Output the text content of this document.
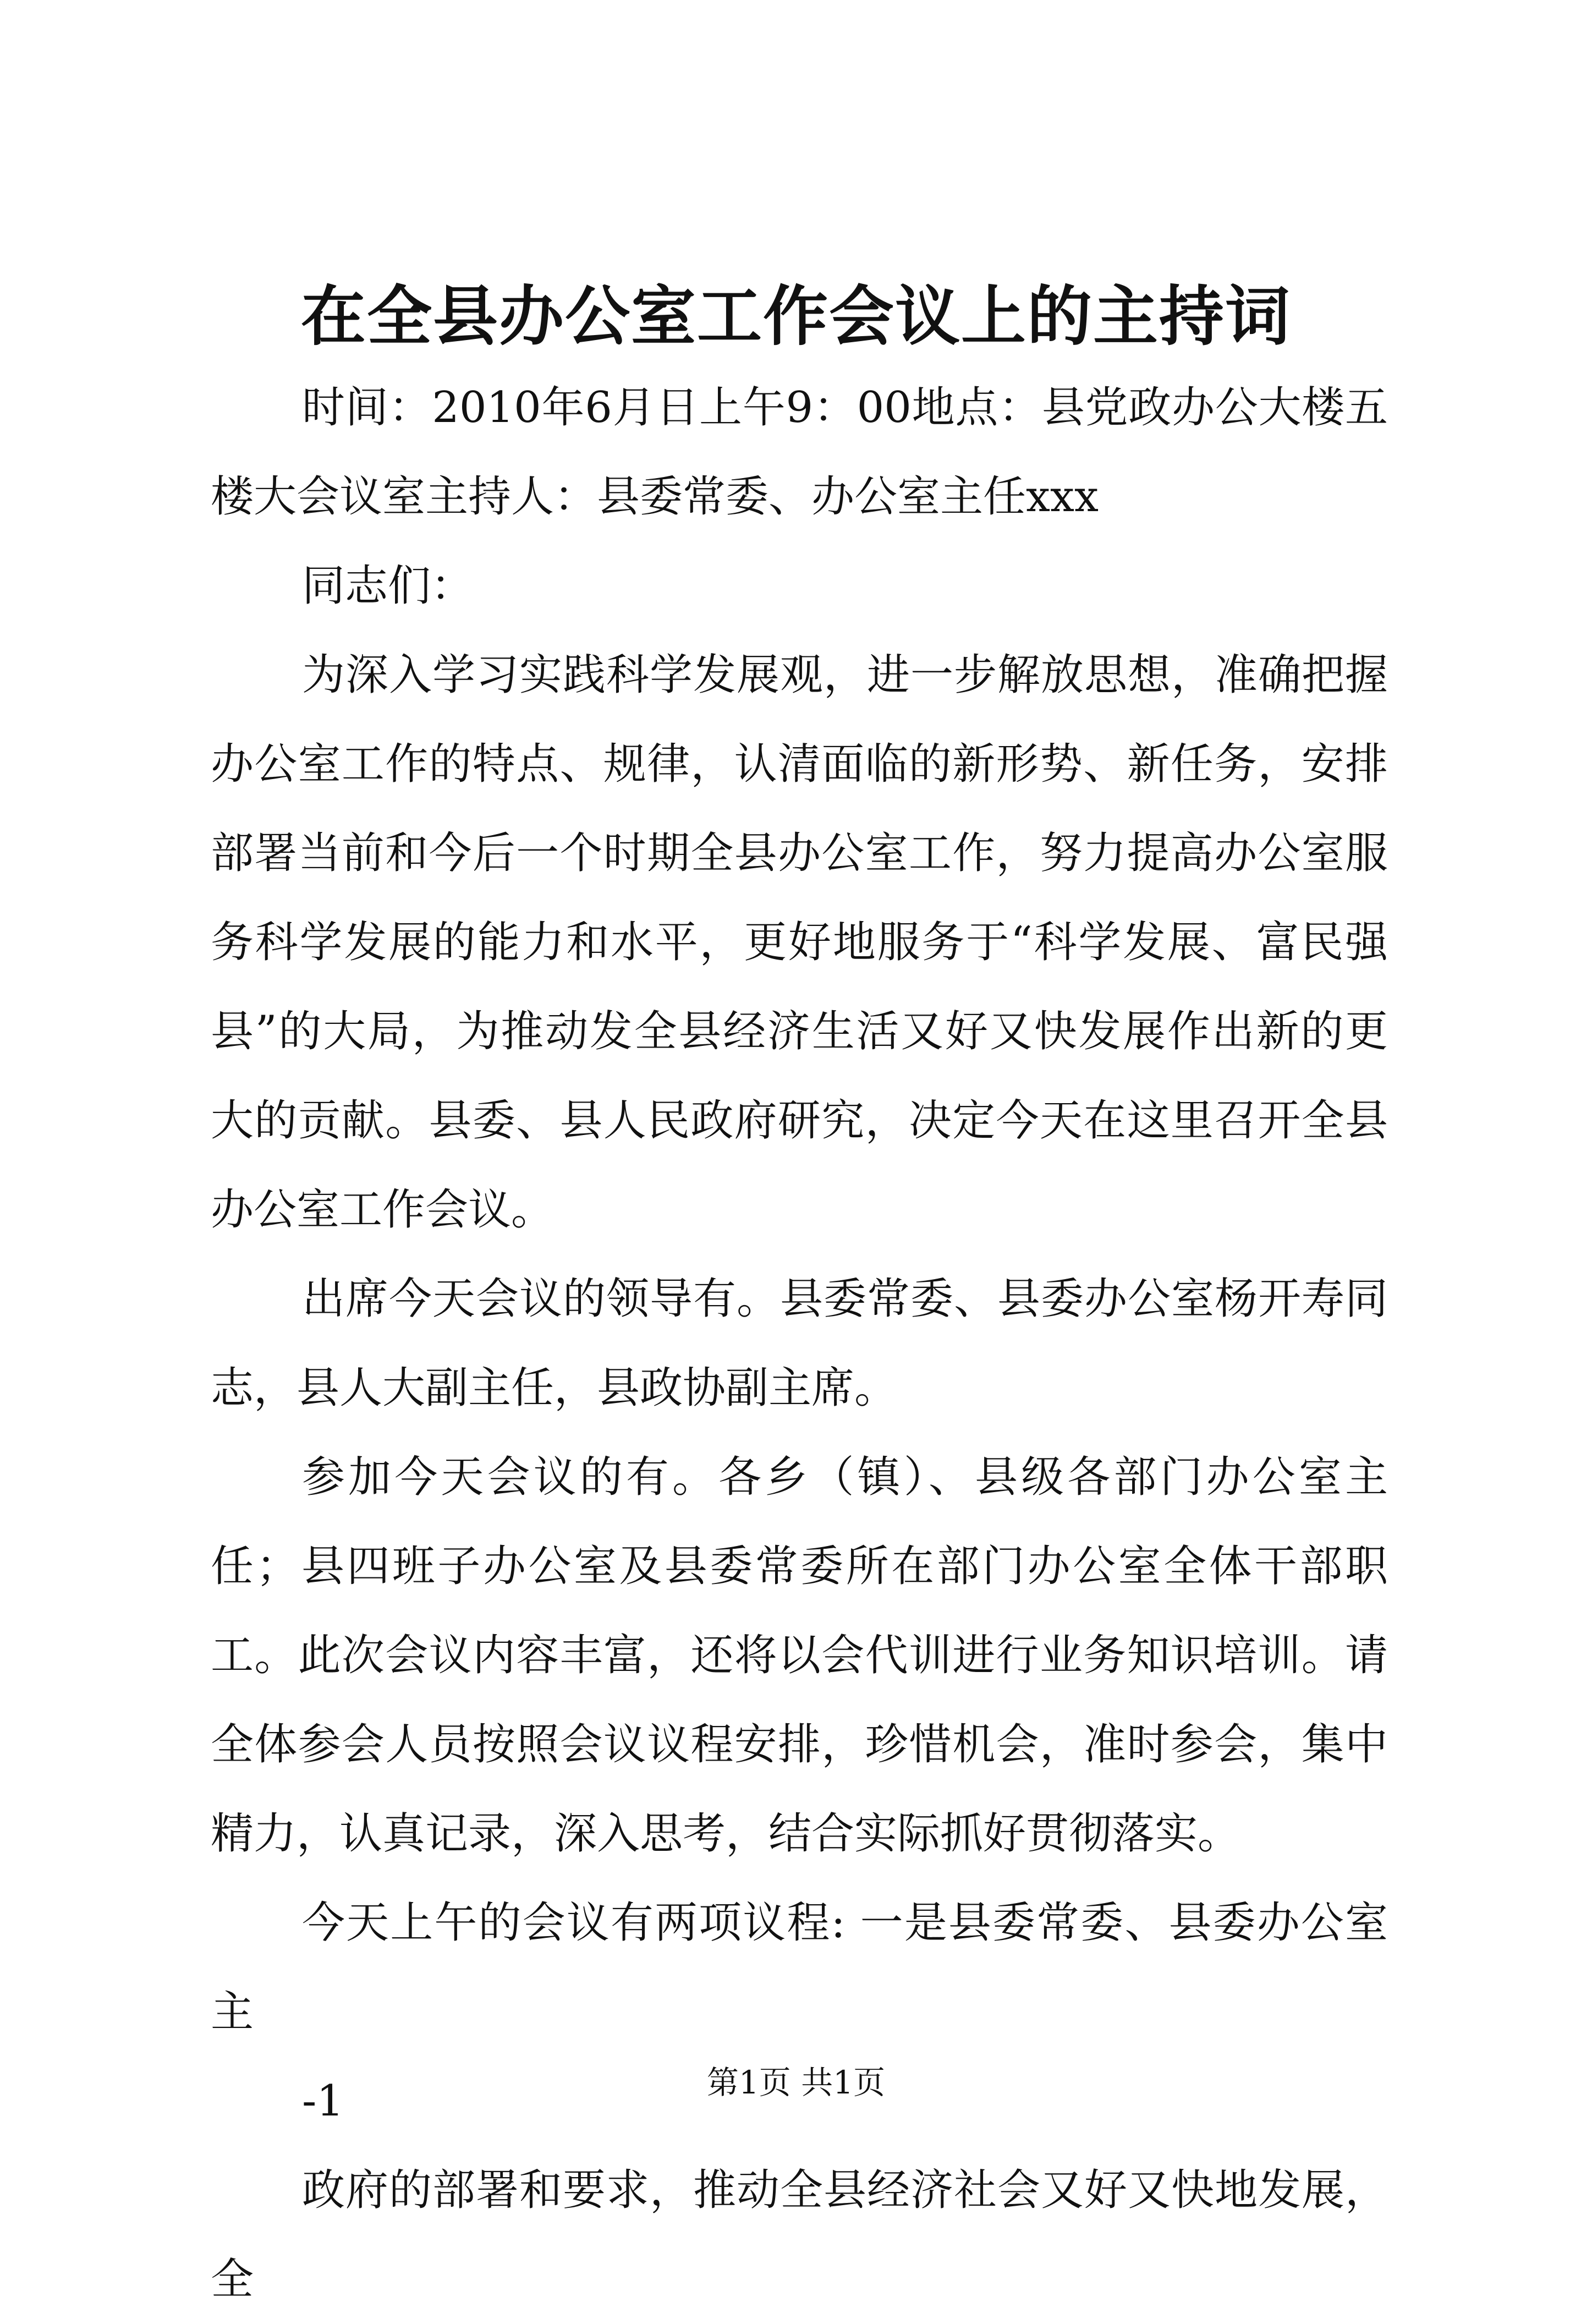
在全县办公室工作会议上的主持词

时间：2010年6月日上午9：00地点：县党政办公大楼五楼大会议室主持人：县委常委、办公室主任xxx

同志们：

为深入学习实践科学发展观，进一步解放思想，准确把握办公室工作的特点、规律，认清面临的新形势、新任务，安排部署当前和今后一个时期全县办公室工作，努力提高办公室服务科学发展的能力和水平，更好地服务于“科学发展、富民强县”的大局，为推动发全县经济生活又好又快发展作出新的更大的贡献。县委、县人民政府研究，决定今天在这里召开全县办公室工作会议。

出席今天会议的领导有。县委常委、县委办公室杨开寿同志，县人大副主任，县政协副主席。

参加今天会议的有。各乡（镇）、县级各部门办公室主任；县四班子办公室及县委常委所在部门办公室全体干部职工。此次会议内容丰富，还将以会代训进行业务知识培训。请全体参会人员按照会议议程安排，珍惜机会，准时参会，集中精力，认真记录，深入思考，结合实际抓好贯彻落实。

今天上午的会议有两项议程: 一是县委常委、县委办公室主

-1

政府的部署和要求，推动全县经济社会又好又快地发展，全

第1页 共1页
